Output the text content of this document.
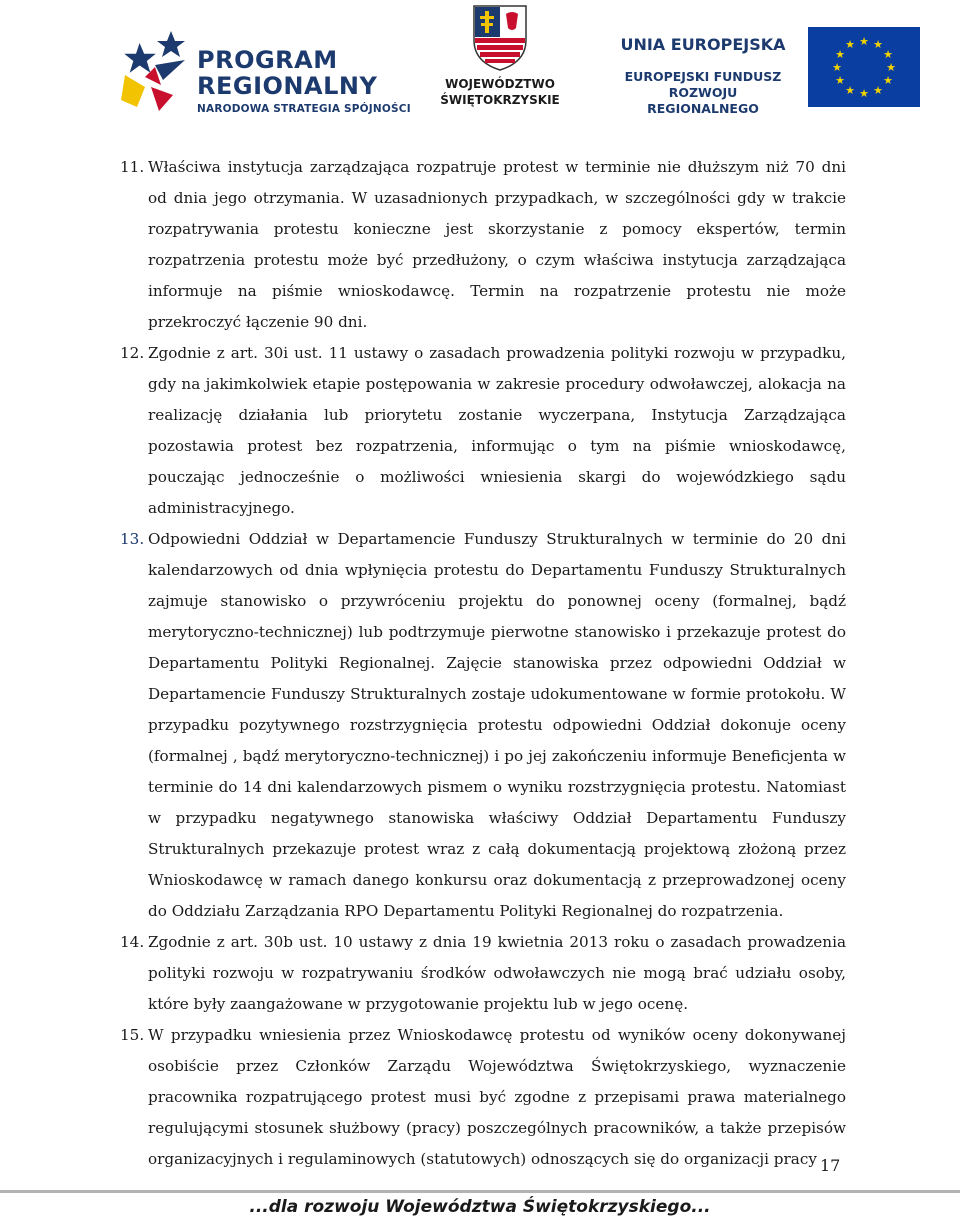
PROGRAM
REGIONALNY
NARODOWA STRATEGIA SPÓJNOŚCI
WOJEWÓDZTWO
ŚWIĘTOKRZYSKIE
UNIA EUROPEJSKA
EUROPEJSKI FUNDUSZ
ROZWOJU REGIONALNEGO
★ ★
★
★
★
★
★
★
★
★
★
★
11. Właściwa instytucja zarządzająca rozpatruje protest w terminie nie dłuższym niż 70 dni od dnia jego otrzymania. W uzasadnionych przypadkach, w szczególności gdy w trakcie rozpatrywania protestu konieczne jest skorzystanie z pomocy ekspertów, termin rozpatrzenia protestu może być przedłużony, o czym właściwa instytucja zarządzająca informuje na piśmie wnioskodawcę. Termin na rozpatrzenie protestu nie może przekroczyć łączenie 90 dni.
12. Zgodnie z art. 30i ust. 11 ustawy o zasadach prowadzenia polityki rozwoju w przypadku, gdy na jakimkolwiek etapie postępowania w zakresie procedury odwoławczej, alokacja na realizację działania lub priorytetu zostanie wyczerpana, Instytucja Zarządzająca pozostawia protest bez rozpatrzenia, informując o tym na piśmie wnioskodawcę, pouczając jednocześnie o możliwości wniesienia skargi do wojewódzkiego sądu administracyjnego.
13. Odpowiedni Oddział w Departamencie Funduszy Strukturalnych w terminie do 20 dni kalendarzowych od dnia wpłynięcia protestu do Departamentu Funduszy Strukturalnych zajmuje stanowisko o przywróceniu projektu do ponownej oceny (formalnej, bądź merytoryczno-technicznej) lub podtrzymuje pierwotne stanowisko i przekazuje protest do Departamentu Polityki Regionalnej. Zajęcie stanowiska przez odpowiedni Oddział w Departamencie Funduszy Strukturalnych zostaje udokumentowane w formie protokołu. W przypadku pozytywnego rozstrzygnięcia protestu odpowiedni Oddział dokonuje oceny (formalnej , bądź merytoryczno-technicznej) i po jej zakończeniu informuje Beneficjenta w terminie do 14 dni kalendarzowych pismem o wyniku rozstrzygnięcia protestu. Natomiast w przypadku negatywnego stanowiska właściwy Oddział Departamentu Funduszy Strukturalnych przekazuje protest wraz z całą dokumentacją projektową złożoną przez Wnioskodawcę w ramach danego konkursu oraz dokumentacją z przeprowadzonej oceny do Oddziału Zarządzania RPO Departamentu Polityki Regionalnej do rozpatrzenia.
14. Zgodnie z art. 30b ust. 10 ustawy z dnia 19 kwietnia 2013 roku o zasadach prowadzenia polityki rozwoju w rozpatrywaniu środków odwoławczych nie mogą brać udziału osoby, które były zaangażowane w przygotowanie projektu lub w jego ocenę.
15. W przypadku wniesienia przez Wnioskodawcę protestu od wyników oceny dokonywanej osobiście przez Członków Zarządu Województwa Świętokrzyskiego, wyznaczenie pracownika rozpatrującego protest musi być zgodne z przepisami prawa materialnego regulującymi stosunek służbowy (pracy) poszczególnych pracowników, a także przepisów organizacyjnych i regulaminowych (statutowych) odnoszących się do organizacji pracy 17
...dla rozwoju Województwa Świętokrzyskiego...
